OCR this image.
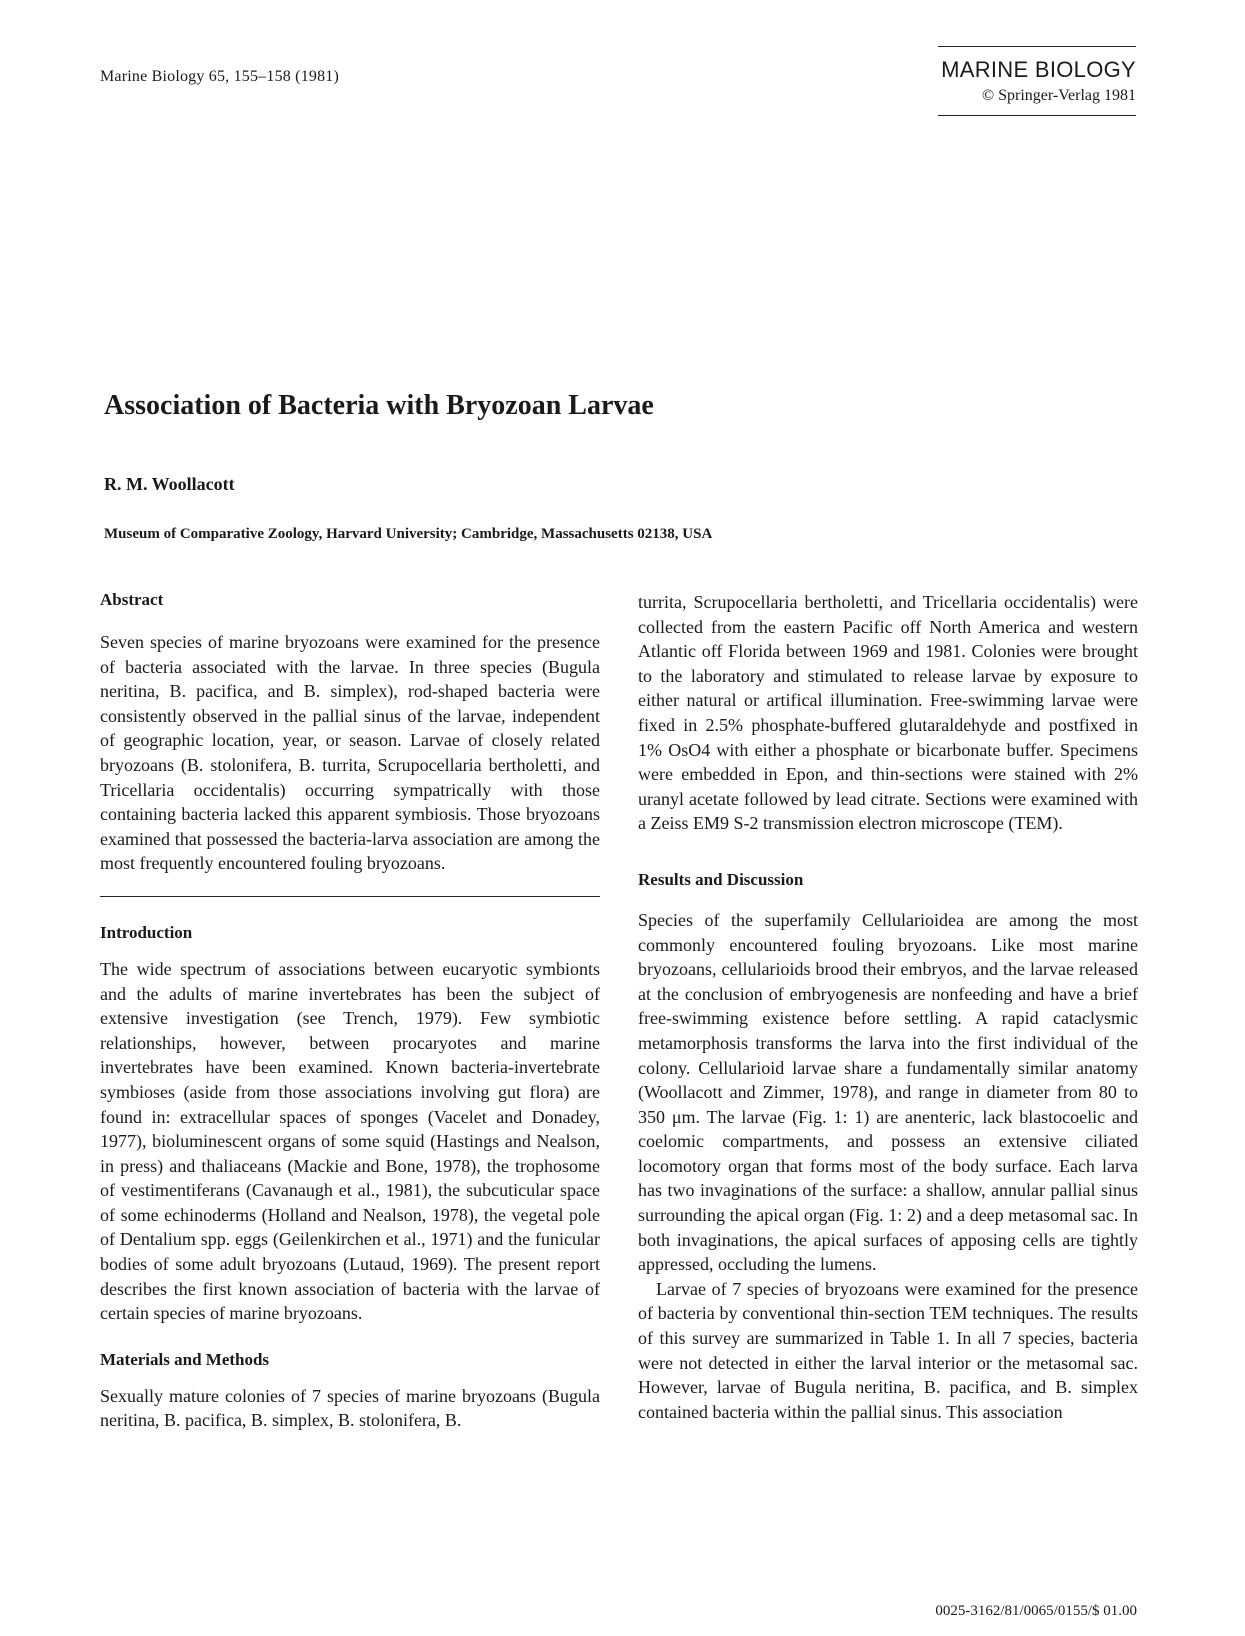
Marine Biology 65, 155–158 (1981)	MARINE BIOLOGY
© Springer-Verlag 1981
Association of Bacteria with Bryozoan Larvae
R. M. Woollacott
Museum of Comparative Zoology, Harvard University; Cambridge, Massachusetts 02138, USA
Abstract

Seven species of marine bryozoans were examined for the presence of bacteria associated with the larvae. In three species (Bugula neritina, B. pacifica, and B. simplex), rod-shaped bacteria were consistently observed in the pallial sinus of the larvae, independent of geographic location, year, or season. Larvae of closely related bryozoans (B. stolonifera, B. turrita, Scrupocellaria bertholetti, and Tricellaria occidentalis) occurring sympatrically with those containing bacteria lacked this apparent symbiosis. Those bryozoans examined that possessed the bacteria-larva association are among the most frequently encountered fouling bryozoans.

Introduction

The wide spectrum of associations between eucaryotic symbionts and the adults of marine invertebrates has been the subject of extensive investigation (see Trench, 1979). Few symbiotic relationships, however, between procaryotes and marine invertebrates have been examined. Known bacteria-invertebrate symbioses (aside from those associations involving gut flora) are found in: extracellular spaces of sponges (Vacelet and Donadey, 1977), bioluminescent organs of some squid (Hastings and Nealson, in press) and thaliaceans (Mackie and Bone, 1978), the trophosome of vestimentiferans (Cavanaugh et al., 1981), the subcuticular space of some echinoderms (Holland and Nealson, 1978), the vegetal pole of Dentalium spp. eggs (Geilenkirchen et al., 1971) and the funicular bodies of some adult bryozoans (Lutaud, 1969). The present report describes the first known association of bacteria with the larvae of certain species of marine bryozoans.

Materials and Methods

Sexually mature colonies of 7 species of marine bryozoans (Bugula neritina, B. pacifica, B. simplex, B. stolonifera, B.

turrita, Scrupocellaria bertholetti, and Tricellaria occidentalis) were collected from the eastern Pacific off North America and western Atlantic off Florida between 1969 and 1981. Colonies were brought to the laboratory and stimulated to release larvae by exposure to either natural or artifical illumination. Free-swimming larvae were fixed in 2.5% phosphate-buffered glutaraldehyde and postfixed in 1% OsO4 with either a phosphate or bicarbonate buffer. Specimens were embedded in Epon, and thin-sections were stained with 2% uranyl acetate followed by lead citrate. Sections were examined with a Zeiss EM9 S-2 transmission electron microscope (TEM).

Results and Discussion

Species of the superfamily Cellularioidea are among the most commonly encountered fouling bryozoans. Like most marine bryozoans, cellularioids brood their embryos, and the larvae released at the conclusion of embryogenesis are nonfeeding and have a brief free-swimming existence before settling. A rapid cataclysmic metamorphosis transforms the larva into the first individual of the colony. Cellularioid larvae share a fundamentally similar anatomy (Woollacott and Zimmer, 1978), and range in diameter from 80 to 350 μm. The larvae (Fig. 1: 1) are anenteric, lack blastocoelic and coelomic compartments, and possess an extensive ciliated locomotory organ that forms most of the body surface. Each larva has two invaginations of the surface: a shallow, annular pallial sinus surrounding the apical organ (Fig. 1: 2) and a deep metasomal sac. In both invaginations, the apical surfaces of apposing cells are tightly appressed, occluding the lumens.

Larvae of 7 species of bryozoans were examined for the presence of bacteria by conventional thin-section TEM techniques. The results of this survey are summarized in Table 1. In all 7 species, bacteria were not detected in either the larval interior or the metasomal sac. However, larvae of Bugula neritina, B. pacifica, and B. simplex contained bacteria within the pallial sinus. This association

0025-3162/81/0065/0155/$ 01.00
